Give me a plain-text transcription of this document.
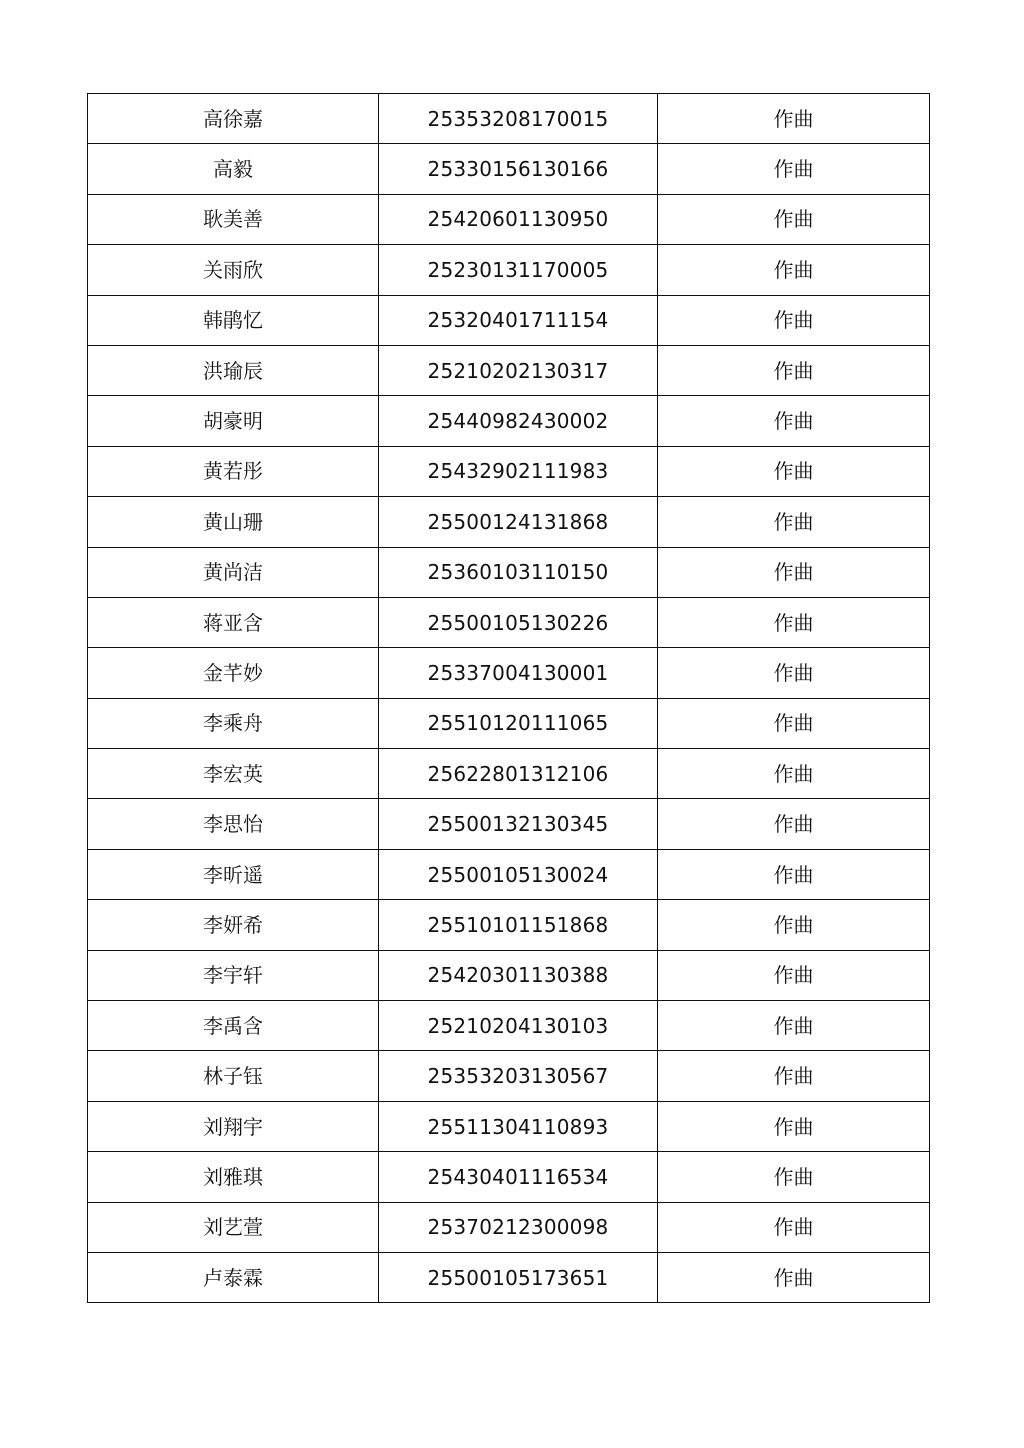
高徐嘉	25353208170015	作曲
高毅	25330156130166	作曲
耿美善	25420601130950	作曲
关雨欣	25230131170005	作曲
韩鹃忆	25320401711154	作曲
洪瑜辰	25210202130317	作曲
胡豪明	25440982430002	作曲
黄若彤	25432902111983	作曲
黄山珊	25500124131868	作曲
黄尚洁	25360103110150	作曲
蒋亚含	25500105130226	作曲
金芊妙	25337004130001	作曲
李乘舟	25510120111065	作曲
李宏英	25622801312106	作曲
李思怡	25500132130345	作曲
李昕遥	25500105130024	作曲
李妍希	25510101151868	作曲
李宇轩	25420301130388	作曲
李禹含	25210204130103	作曲
林子钰	25353203130567	作曲
刘翔宇	25511304110893	作曲
刘雅琪	25430401116534	作曲
刘艺萱	25370212300098	作曲
卢泰霖	25500105173651	作曲
